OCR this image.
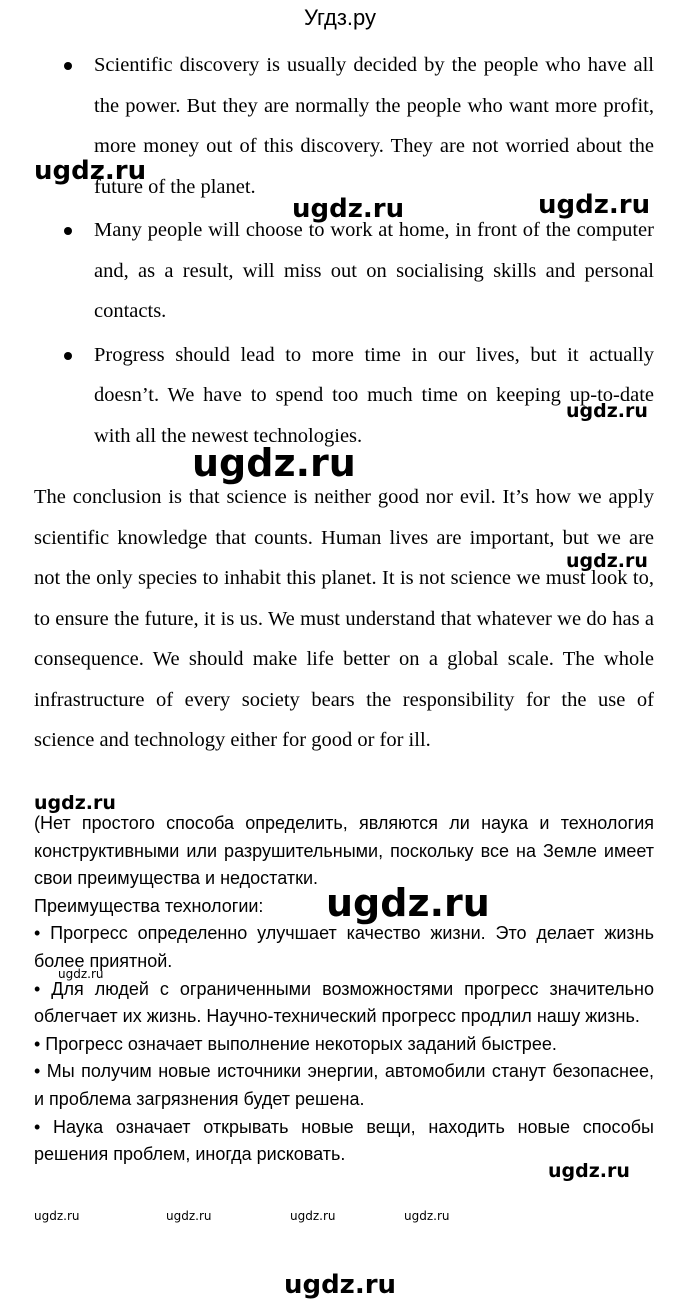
Угдз.ру
Scientific discovery is usually decided by the people who have all the power. But they are normally the people who want more profit, more money out of this discovery. They are not worried about the future of the planet.
Many people will choose to work at home, in front of the computer and, as a result, will miss out on socialising skills and personal contacts.
Progress should lead to more time in our lives, but it actually doesn’t. We have to spend too much time on keeping up-to-date with all the newest technologies.
The conclusion is that science is neither good nor evil. It’s how we apply scientific knowledge that counts. Human lives are important, but we are not the only species to inhabit this planet. It is not science we must look to, to ensure the future, it is us. We must understand that whatever we do has a consequence. We should make life better on a global scale. The whole infrastructure of every society bears the responsibility for the use of science and technology either for good or for ill.

(Нет простого способа определить, являются ли наука и технология конструктивными или разрушительными, поскольку все на Земле имеет свои преимущества и недостатки.

Преимущества технологии:

• Прогресс определенно улучшает качество жизни. Это делает жизнь более приятной.

• Для людей с ограниченными возможностями прогресс значительно облегчает их жизнь. Научно-технический прогресс продлил нашу жизнь.

• Прогресс означает выполнение некоторых заданий быстрее.

• Мы получим новые источники энергии, автомобили станут безопаснее, и проблема загрязнения будет решена.

• Наука означает открывать новые вещи, находить новые способы решения проблем, иногда рисковать.

ugdz.ru
ugdz.ru	ugdz.ru
ugdz.ru
ugdz.ru
ugdz.ru
ugdz.ru
ugdz.ru
ugdz.ru
ugdz.ru
ugdz.ru	ugdz.ru	ugdz.ru	ugdz.ru
ugdz.ru
